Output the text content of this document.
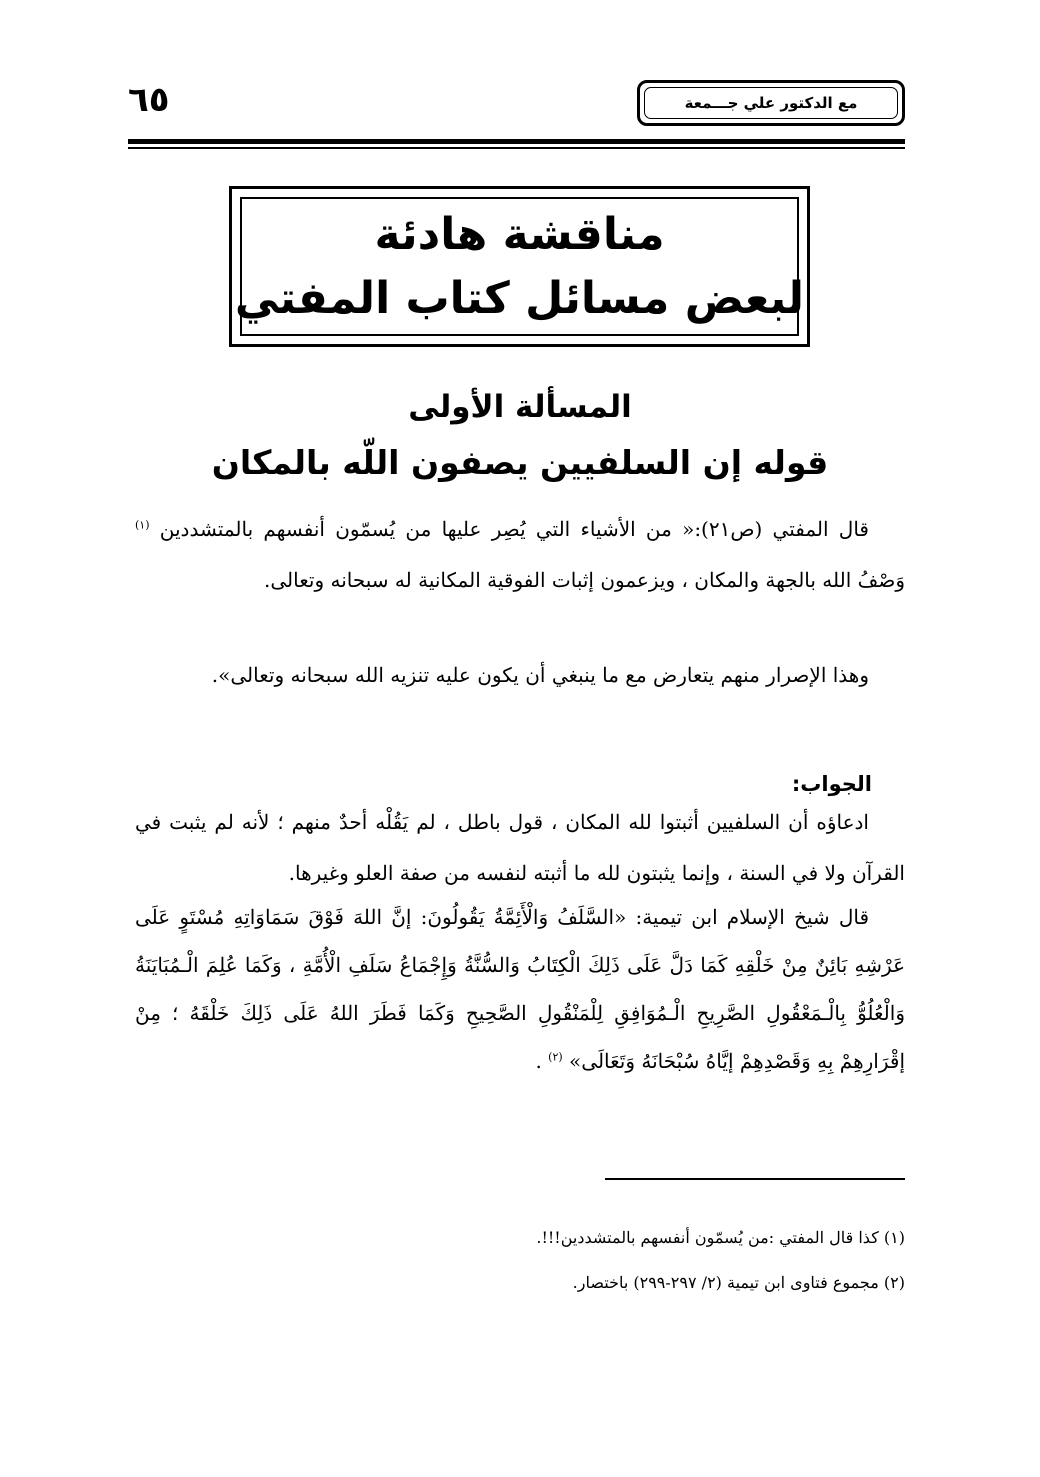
مع الدكتور علي جـــمعة
٦٥
مناقشة هادئة
لبعض مسائل كتاب المفتي
المسألة الأولى
قوله إن السلفيين يصفون اللّه بالمكان
قال المفتي (ص٢١):« من الأشياء التي يُصِر عليها من يُسمّون أنفسهم بالمتشددين $^{(١)}$ وَصْفُ الله بالجهة والمكان ، ويزعمون إثبات الفوقية المكانية له سبحانه وتعالى.
وهذا الإصرار منهم يتعارض مع ما ينبغي أن يكون عليه تنزيه الله سبحانه وتعالى».
الجواب:
ادعاؤه أن السلفيين أثبتوا لله المكان ، قول باطل ، لم يَقُلْه أحدٌ منهم ؛ لأنه لم يثبت في القرآن ولا في السنة ، وإنما يثبتون لله ما أثبته لنفسه من صفة العلو وغيرها.
قال شيخ الإسلام ابن تيمية: «السَّلَفُ وَالْأَئِمَّةُ يَقُولُونَ: إنَّ اللهَ فَوْقَ سَمَاوَاتِهِ مُسْتَوٍ عَلَى عَرْشِهِ بَائِنٌ مِنْ خَلْقِهِ كَمَا دَلَّ عَلَى ذَلِكَ الْكِتَابُ وَالسُّنَّةُ وَإِجْمَاعُ سَلَفِ الْأُمَّةِ ، وَكَمَا عُلِمَ الْـمُبَايَنَةُ وَالْعُلُوُّ بِالْـمَعْقُولِ الصَّرِيحِ الْـمُوَافِقِ لِلْمَنْقُولِ الصَّحِيحِ وَكَمَا فَطَرَ اللهُ عَلَى ذَلِكَ خَلْقَهُ ؛ مِنْ إقْرَارِهِمْ بِهِ وَقَصْدِهِمْ إيَّاهُ سُبْحَانَهُ وَتَعَالَى» $^{(٢)}$ .
(١) كذا قال المفتي :من يُسمّون أنفسهم بالمتشددين!!!.
(٢) مجموع فتاوى ابن تيمية (٢/ ٢٩٧-٢٩٩) باختصار.
